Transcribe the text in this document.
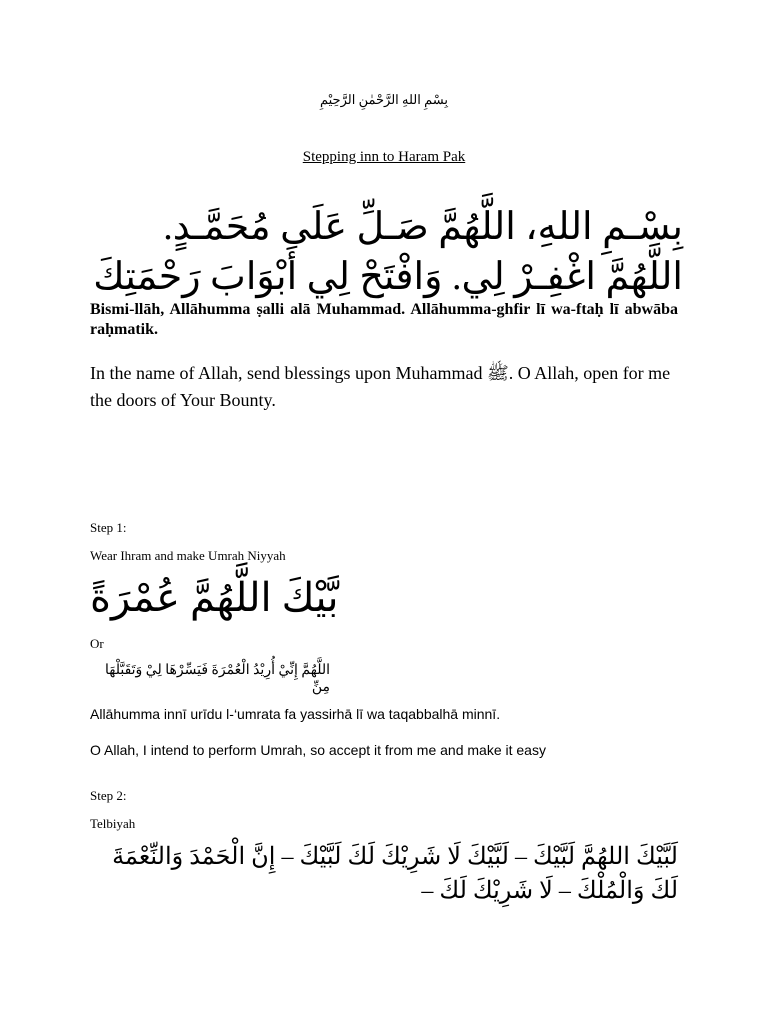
بِسْمِ اللهِ الرَّحْمٰنِ الرَّحِيْمِ
Stepping inn to Haram Pak
بِسْـمِ اللهِ، اللَّهُمَّ صَـلِّ عَلَى مُحَمَّـدٍ. اللَّهُمَّ اغْفِـرْ لِي. وَافْتَحْ لِي أَبْوَابَ رَحْمَتِكَ
Bismi-llāh, Allāhumma ṣalli alā Muhammad. Allāhumma-ghfir lī wa-ftaḥ lī abwāba raḥmatik.
In the name of Allah, send blessings upon Muhammad ﷺ. O Allah, open for me the doors of Your Bounty.
Step 1:
Wear Ihram and make Umrah Niyyah
بَّيْكَ اللَّهُمَّ عُمْرَةً
Or
اللَّهُمَّ إِنِّيْ أُرِيْدُ الْعُمْرَةَ فَيَسِّرْهَا لِيْ وَتَقَبَّلْهَا مِنِّ
Allāhumma innī urīdu l-‘umrata fa yassirhā lī wa taqabbalhā minnī.
O Allah, I intend to perform Umrah, so accept it from me and make it easy
Step 2:
Telbiyah
لَبَّيْكَ اللهُمَّ لَبَّيْكَ – لَبَّيْكَ لَا شَرِيْكَ لَكَ لَبَّيْكَ – إِنَّ الْحَمْدَ وَالنِّعْمَةَ لَكَ وَالْمُلْكَ – لَا شَرِيْكَ لَكَ –
